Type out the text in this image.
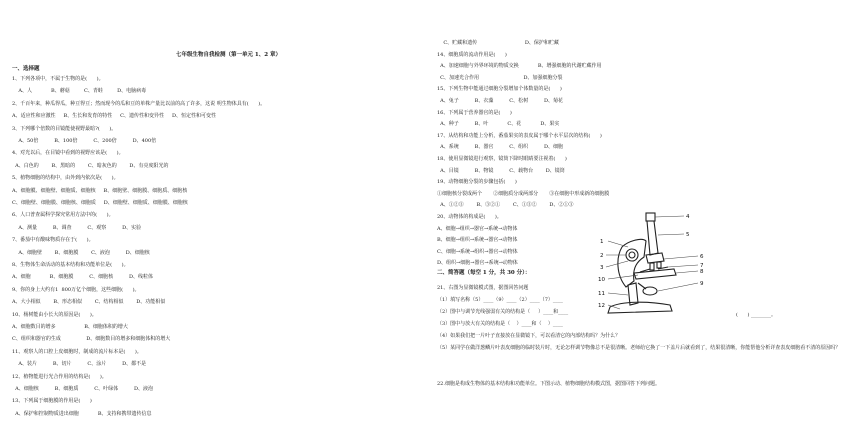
七年级生物自我检测（第一单元 1、2 章）
一、选择题
1、下列各项中，不属于生物的是(      )。
A、人            B、蘑菇         C、青蛙         D、电脑病毒
2、千百年来，种瓜得瓜，种豆得豆；然而现今的瓜和豆的单株产量比以前的高了许多，这说 明生物体具有(      )。
A、适应性和应激性     B、生长和发育的特性     C、遗传性和变异性     D、恒定性和可变性
3、下列哪个倍数的目镜能使视野最暗?(      )。
A、50倍          B、100倍          C、200倍          D、400倍
4、对光以后，在目镜中看到的视野应该是(      )。
A、白色的        B、黑暗的        C、暗灰色的        D、有亮度阳光的
5、植物细胞的结构中，由外到内依次是(      )。
A、细胞膜、细胞壁、细胞质、细胞核     B、细胞壁、细胞膜、细胞质、细胞核
C、细胞壁、细胞膜、细胞核、细胞质     D、细胞壁、细胞质、细胞膜、细胞核
6、人口普查属科学探究常用方法中的(      )。
A、测量          B、调查          C、观察          D、实验
7、番茄中有酸味物质存在于(      )。
A、细胞壁        B、细胞膜        C、液泡          D、细胞核
8、生物体生命活动的基本结构和功能单位是(      )。
A、细胞            B、细胞膜          C、细胞核          D、线粒体
9、你的身上大约有1  800万亿个细胞，这些细胞(      )。
A、大小相似        B、形态相似        C、结构相似        D、功能相似
10、杨树能由小长大的原因是(      )。
A、细胞数目的增多                  B、细胞体积的增大
C、组织和器官的生成                D、细胞数目的增多和细胞体积的增大
11、观察人的口腔上皮细胞时，制成的流片标本是(      )。
A、装片          B、切片          C、涂片          D、都不是
12、植物能进行光合作用的结构是(      )。
A、细胞核          B、细胞质          C、叶绿体          D、液泡
13、下列属于细胞膜的作用是(      )
A、保护和控制物质进出细胞            B、支持和携带遗传信息
C、贮藏和遗传                              D、保护和贮藏
14、细胞质的流动作用是(      )
A、加速细胞与外界环境的物质交换            B、增强细胞的代谢贮藏作用
C、加速光合作用                            D、加强细胞分裂
15、下列生物中能通过细胞分裂增加个体数量的是(      )
A、兔子          B、衣藻          C、松树          D、菊花
16、下列属于营养器官的是(      )
A、种子          B、叶            C、花            D、果实
17、从结构和功能上分析，番茄果实的表皮属于哪个水平层次的结构(      )
A、系统          B、器官          C、组织          D、细胞
18、使用显微镜进行观察，镜筒下降时眼睛要注视着(      )
A、目镜          B、物镜          C、载物台        D、镜筒
19、动物细胞分裂的步骤包括(      )
①细胞核分裂成两个       ②细胞质分成两部分       ③在细胞中形成新的细胞膜
A、①②③        B、③②①        C、①③②        D、②①③
20、动物体的构成是(      )。
A、细胞→组织→器官→系统→动物体
B、细胞→组织→系统→器官→动物体
C、细胞→系统→组织→器官→动物体
D、组织→细胞→器官→系统→动物体
二、简答题（每空 1 分，共 30 分）：
21、右图为显微镜模式图，据图回答问题
（1）填写名称（5）____（9）____（2）____（7）____
（2）图中与调节光线强弱有关的结构是（     ）____和____
（3）图中与放大有关的结构是（    ）____和（    ）____
（4）如果我们把一片叶子直接放在显微镜下，可以看清它的内部结构吗？为什么？
（5）某同学在做洋葱鳞片叶表皮细胞的临时装片时，无论怎样调节物像总不是很清晰。老师给它换了一下盖片后就看到了，结果很清晰，你能帮他分析详查表皮细胞看不清的原因吗？
22.细胞是构成生物体的基本结构和功能单位。下图示动、植物细胞结构模式图，据图回答下列问题。
(      ) ________。
4
5
6
7
8
9
1
2
3
10
11
12
